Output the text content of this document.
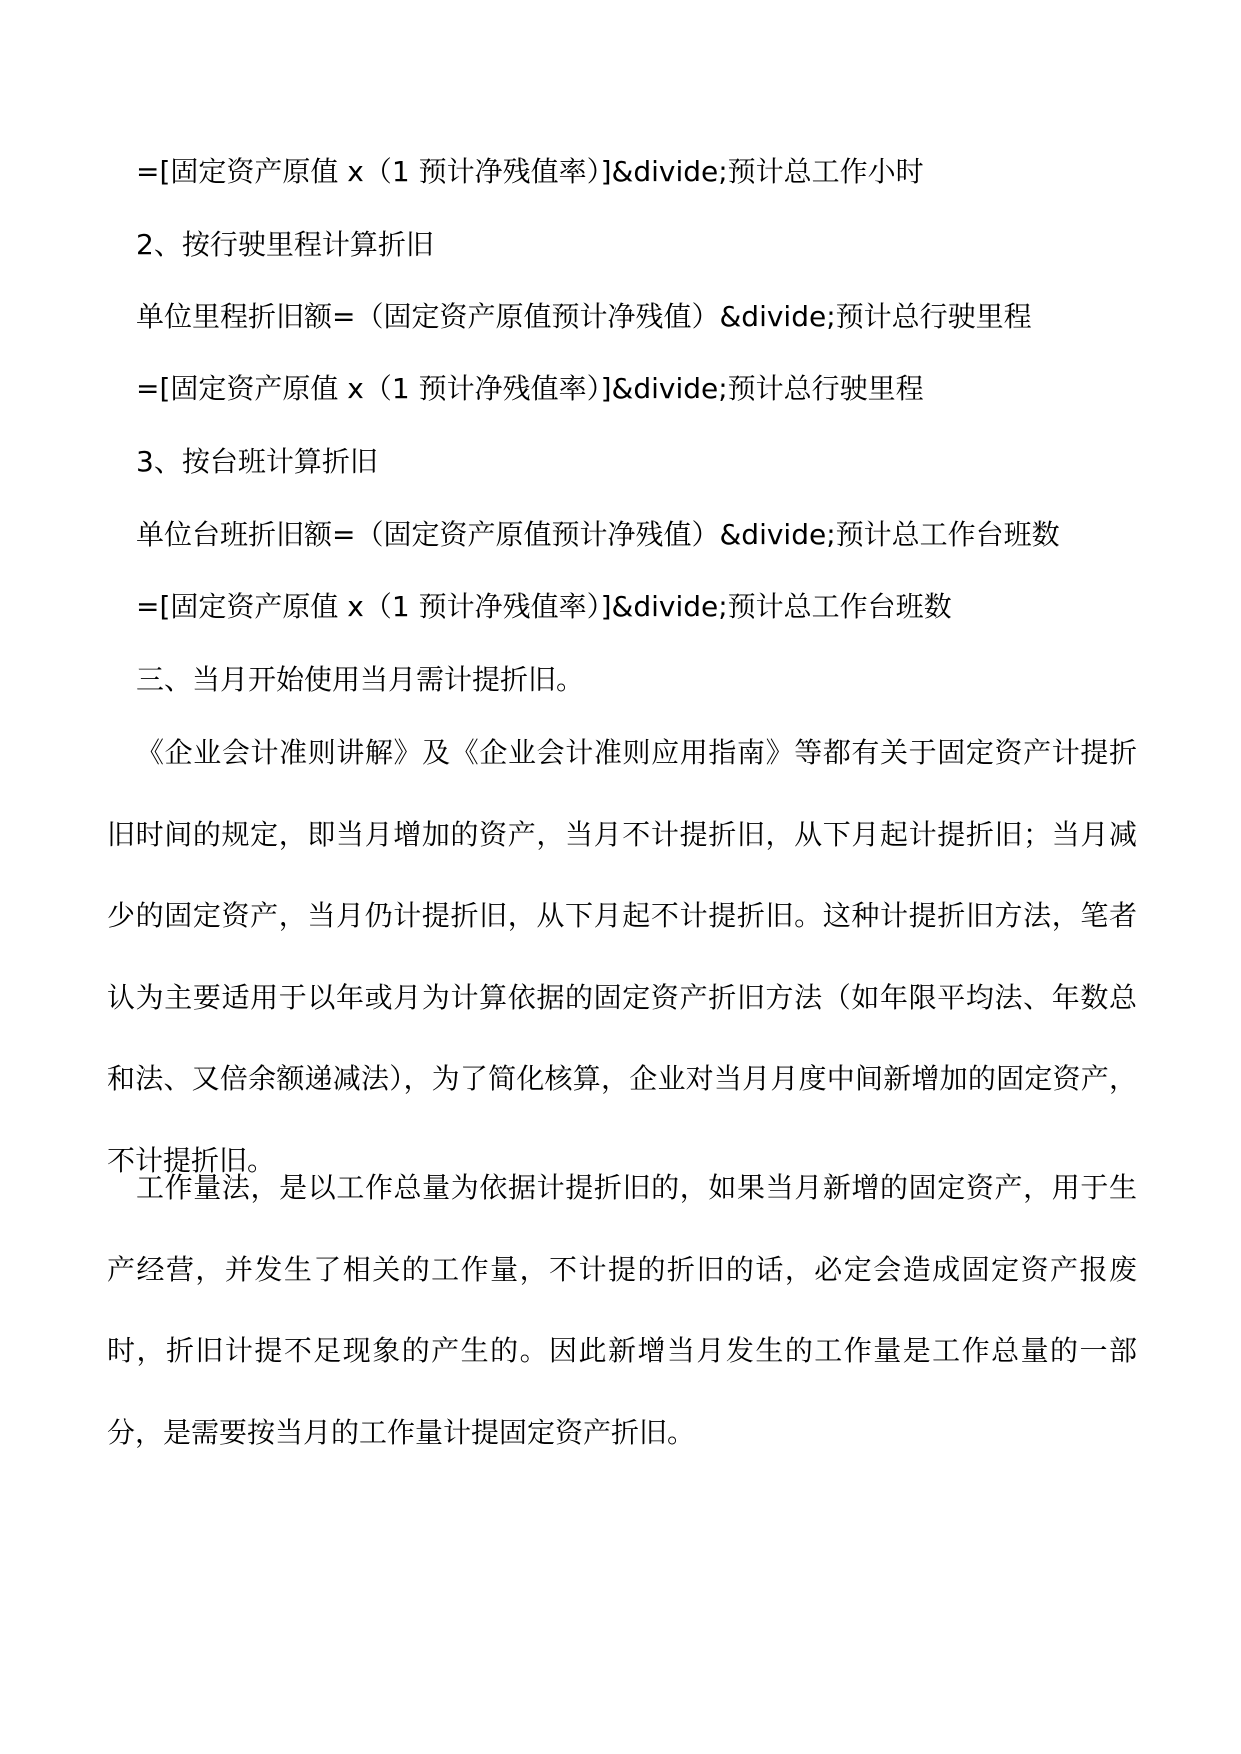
=[固定资产原值 x（1 预计净残值率）]&divide;预计总工作小时
2、按行驶里程计算折旧
单位里程折旧额=（固定资产原值预计净残值）&divide;预计总行驶里程
=[固定资产原值 x（1 预计净残值率）]&divide;预计总行驶里程
3、按台班计算折旧
单位台班折旧额=（固定资产原值预计净残值）&divide;预计总工作台班数
=[固定资产原值 x（1 预计净残值率）]&divide;预计总工作台班数
三、当月开始使用当月需计提折旧。
《企业会计准则讲解》及《企业会计准则应用指南》等都有关于固定资产计提折旧时间的规定，即当月增加的资产，当月不计提折旧，从下月起计提折旧；当月减少的固定资产，当月仍计提折旧，从下月起不计提折旧。这种计提折旧方法，笔者认为主要适用于以年或月为计算依据的固定资产折旧方法（如年限平均法、年数总和法、又倍余额递减法），为了简化核算，企业对当月月度中间新增加的固定资产，不计提折旧。
工作量法，是以工作总量为依据计提折旧的，如果当月新增的固定资产，用于生产经营，并发生了相关的工作量，不计提的折旧的话，必定会造成固定资产报废时，折旧计提不足现象的产生的。因此新增当月发生的工作量是工作总量的一部分，是需要按当月的工作量计提固定资产折旧。
